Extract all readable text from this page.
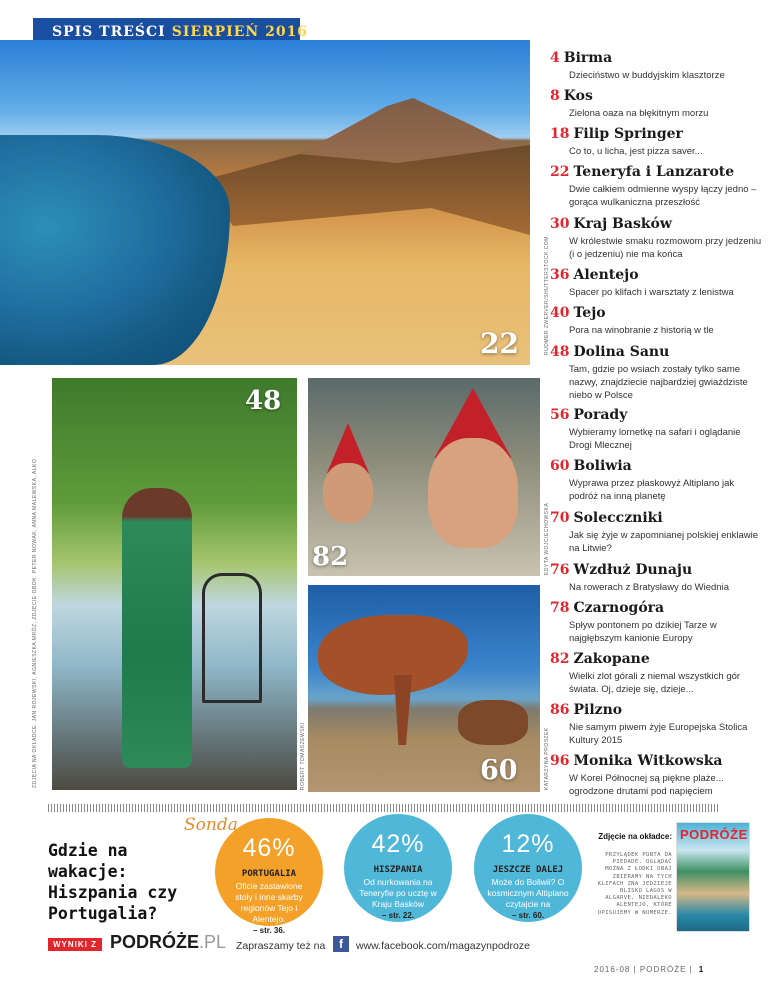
SPIS TREŚCI SIERPIEŃ 2016
22	RUDMER.ZWERVER/SHUTTERSTOCK.COM
48
ZDJĘCIA NA OKŁADCE: JAN ROJEWSKI, AGNIESZKA MRÓZ; ZDJĘCIE OBOK: PETER NOWAK; ANNA MALEWSKA, ALKO	ROBERT TOMASZEWSKI
82	EDYTA WOJCIECHOWSKA
60	KATARZYNA PROSZEK
4 Birma
Dzieciństwo w buddyjskim klasztorze
8 Kos
Zielona oaza na błękitnym morzu
18 Filip Springer
Co to, u licha, jest pizza saver...
22 Teneryfa i Lanzarote
Dwie całkiem odmienne wyspy łączy jedno – gorąca wulkaniczna przeszłość
30 Kraj Basków
W królestwie smaku rozmowom przy jedzeniu (i o jedzeniu) nie ma końca
36 Alentejo
Spacer po klifach i warsztaty z lenistwa
40 Tejo
Pora na winobranie z historią w tle
48 Dolina Sanu
Tam, gdzie po wsiach zostały tylko same nazwy, znajdziecie najbardziej gwiaździste niebo w Polsce
56 Porady
Wybieramy lornetkę na safari i oglądanie Drogi Mlecznej
60 Boliwia
Wyprawa przez płaskowyż Altiplano jak podróż na inną planetę
70 Solecczniki
Jak się żyje w zapomnianej polskiej enklawie na Litwie?
76 Wzdłuż Dunaju
Na rowerach z Bratysławy do Wiednia
78 Czarnogóra
Spływ pontonem po dzikiej Tarze w najgłębszym kanionie Europy
82 Zakopane
Wielki zlot górali z niemal wszystkich gór świata. Oj, dzieje się, dzieje...
86 Pilzno
Nie samym piwem żyje Europejska Stolica Kultury 2015
96 Monika Witkowska
W Korei Północnej są piękne plaże... ogrodzone drutami pod napięciem
Gdzie na wakacje: Hiszpania czy Portugalia?
WYNIKI Z PODRÓŻE.PL
Sonda
46%
PORTUGALIA
Oficie zastawione stoły i inne skarby regionów Tejo i Alentejo.
– str. 36.
42%
HISZPANIA
Od nurkowania na Teneryfie po ucztę w Kraju Basków
– str. 22.
12%
JESZCZE DALEJ
Może do Boliwii? O kosmicznym Altiplano czytajcie na
– str. 60.
Zapraszamy też na	f	www.facebook.com/magazynpodroze
Zdjęcie na okładce:
PRZYLĄDEK PONTA DA PIEDADE. OGLĄDAĆ MOŻNA Z ŁODKI OBAJ ZBIERAMY NA TYCH KLIFACH ZNA JEDZIEJE BLISKO LAGOS W ALGARVE, NIEDALEKO ALENTEJO, KTÓRE OPISUJEMY W NUMERZE.
PODRÓŻE
2016-08 | PODRÓŻE | 1
